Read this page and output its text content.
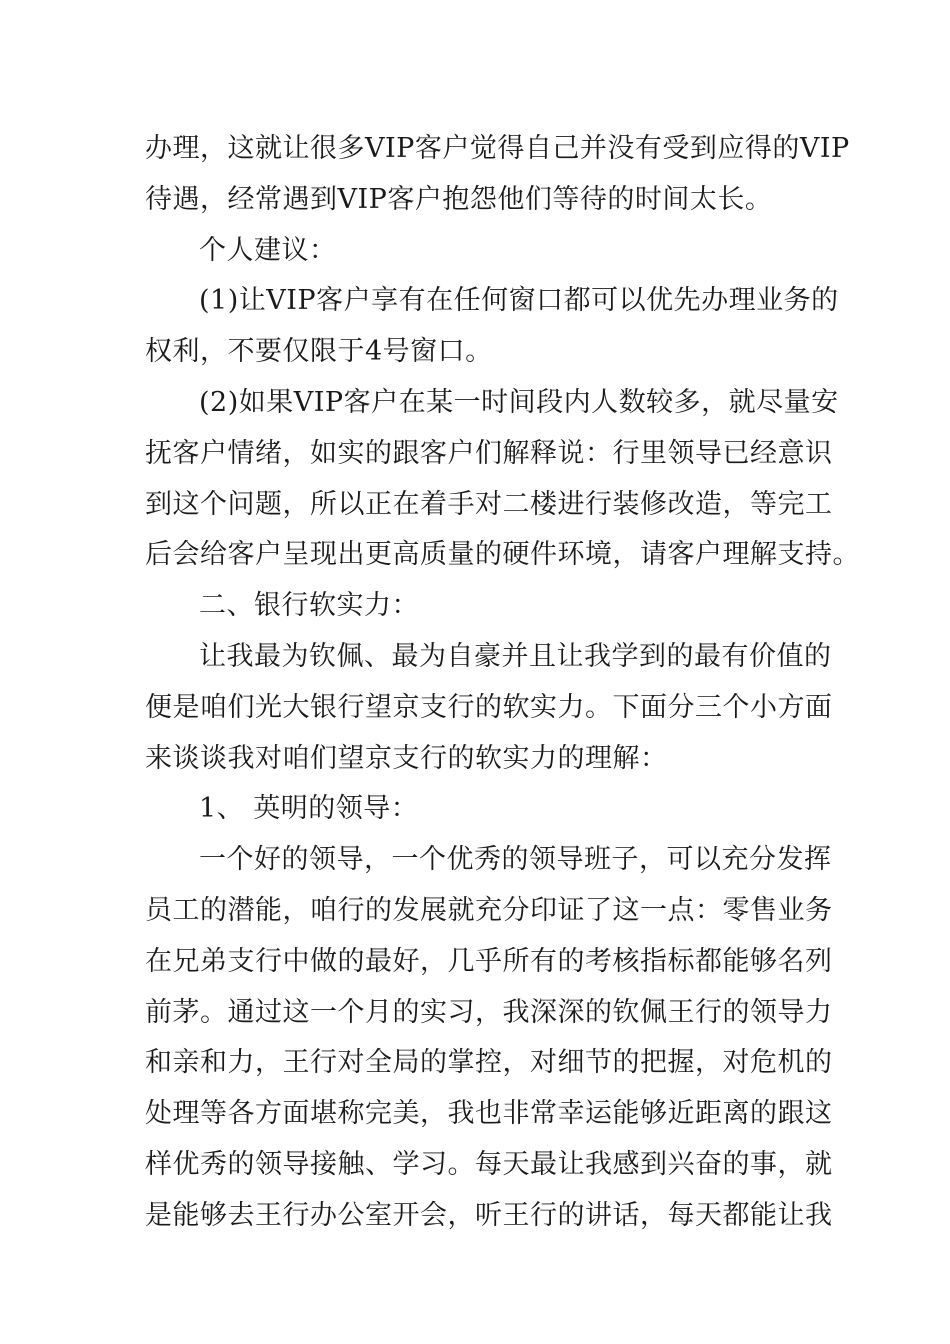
办理，这就让很多VIP客户觉得自己并没有受到应得的VIP
待遇，经常遇到VIP客户抱怨他们等待的时间太长。
个人建议：
(1)让VIP客户享有在任何窗口都可以优先办理业务的
权利，不要仅限于4号窗口。
(2)如果VIP客户在某一时间段内人数较多，就尽量安
抚客户情绪，如实的跟客户们解释说：行里领导已经意识
到这个问题，所以正在着手对二楼进行装修改造，等完工
后会给客户呈现出更高质量的硬件环境，请客户理解支持。
二、银行软实力：
让我最为钦佩、最为自豪并且让我学到的最有价值的
便是咱们光大银行望京支行的软实力。下面分三个小方面
来谈谈我对咱们望京支行的软实力的理解：
1、 英明的领导：
一个好的领导，一个优秀的领导班子，可以充分发挥
员工的潜能，咱行的发展就充分印证了这一点：零售业务
在兄弟支行中做的最好，几乎所有的考核指标都能够名列
前茅。通过这一个月的实习，我深深的钦佩王行的领导力
和亲和力，王行对全局的掌控，对细节的把握，对危机的
处理等各方面堪称完美，我也非常幸运能够近距离的跟这
样优秀的领导接触、学习。每天最让我感到兴奋的事，就
是能够去王行办公室开会，听王行的讲话，每天都能让我
